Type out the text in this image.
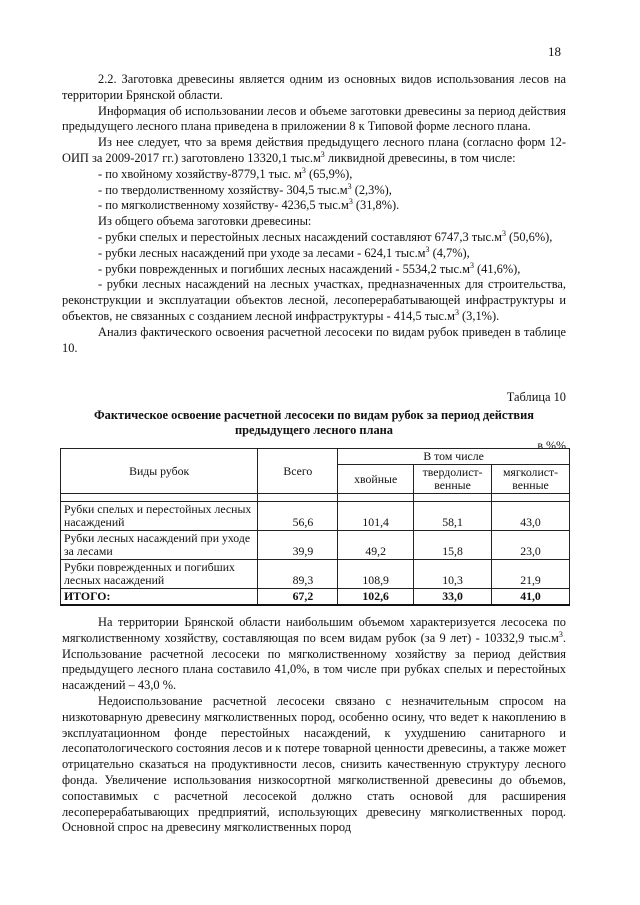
18

2.2. Заготовка древесины является одним из основных видов использования лесов на территории Брянской области.

Информация об использовании лесов и объеме заготовки древесины за период действия предыдущего лесного плана приведена в приложении 8 к Типовой форме лесного плана.

Из нее следует, что за время действия предыдущего лесного плана (согласно форм 12-ОИП за 2009-2017 гг.) заготовлено 13320,1 $тыс.м^3$ ликвидной древесины, в том числе:

- по хвойному хозяйству-8779,1 тыс. $м^3$ (65,9%),

- по твердолиственному хозяйству- 304,5 $тыс.м^3$ (2,3%),

- по мягколиственному хозяйству- 4236,5 $тыс.м^3$ (31,8%).

Из общего объема заготовки древесины:

- рубки спелых и перестойных лесных насаждений составляют 6747,3 $тыс.м^3$ (50,6%),

- рубки лесных насаждений при уходе за лесами - 624,1 $тыс.м^3$ (4,7%),

- рубки поврежденных и погибших лесных насаждений - 5534,2 $тыс.м^3$ (41,6%),

- рубки лесных насаждений на лесных участках, предназначенных для строительства, реконструкции и эксплуатации объектов лесной, лесоперерабатывающей инфраструктуры и объектов, не связанных с созданием лесной инфраструктуры - 414,5 $тыс.м^3$ (3,1%).

Анализ фактического освоения расчетной лесосеки по видам рубок приведен в таблице 10.

Таблица 10

Фактическое освоение расчетной лесосеки по видам рубок за период действия предыдущего лесного плана

в %%

Виды рубок	Всего	В том числе		
		хвойные	твердолист-венные	мягколист-венные

Рубки спелых и перестойных лесных насаждений	56,6	101,4	58,1	43,0
Рубки лесных насаждений при уходе за лесами	39,9	49,2	15,8	23,0
Рубки поврежденных и погибших лесных насаждений	89,3	108,9	10,3	21,9
ИТОГО:	67,2	102,6	33,0	41,0

На территории Брянской области наибольшим объемом характеризуется лесосека по мягколиственному хозяйству, составляющая по всем видам рубок (за 9 лет) - 10332,9 $тыс.м^3$. Использование расчетной лесосеки по мягколиственному хозяйству за период действия предыдущего лесного плана составило 41,0%, в том числе при рубках спелых и перестойных насаждений – 43,0 %.

Недоиспользование расчетной лесосеки связано с незначительным спросом на низкотоварную древесину мягколиственных пород, особенно осину, что ведет к накоплению в эксплуатационном фонде перестойных насаждений, к ухудшению санитарного и лесопатологического состояния лесов и к потере товарной ценности древесины, а также может отрицательно сказаться на продуктивности лесов, снизить качественную структуру лесного фонда. Увеличение использования низкосортной мягколиственной древесины до объемов, сопоставимых с расчетной лесосекой должно стать основой для расширения лесоперерабатывающих предприятий, использующих древесину мягколиственных пород. Основной спрос на древесину мягколиственных пород
